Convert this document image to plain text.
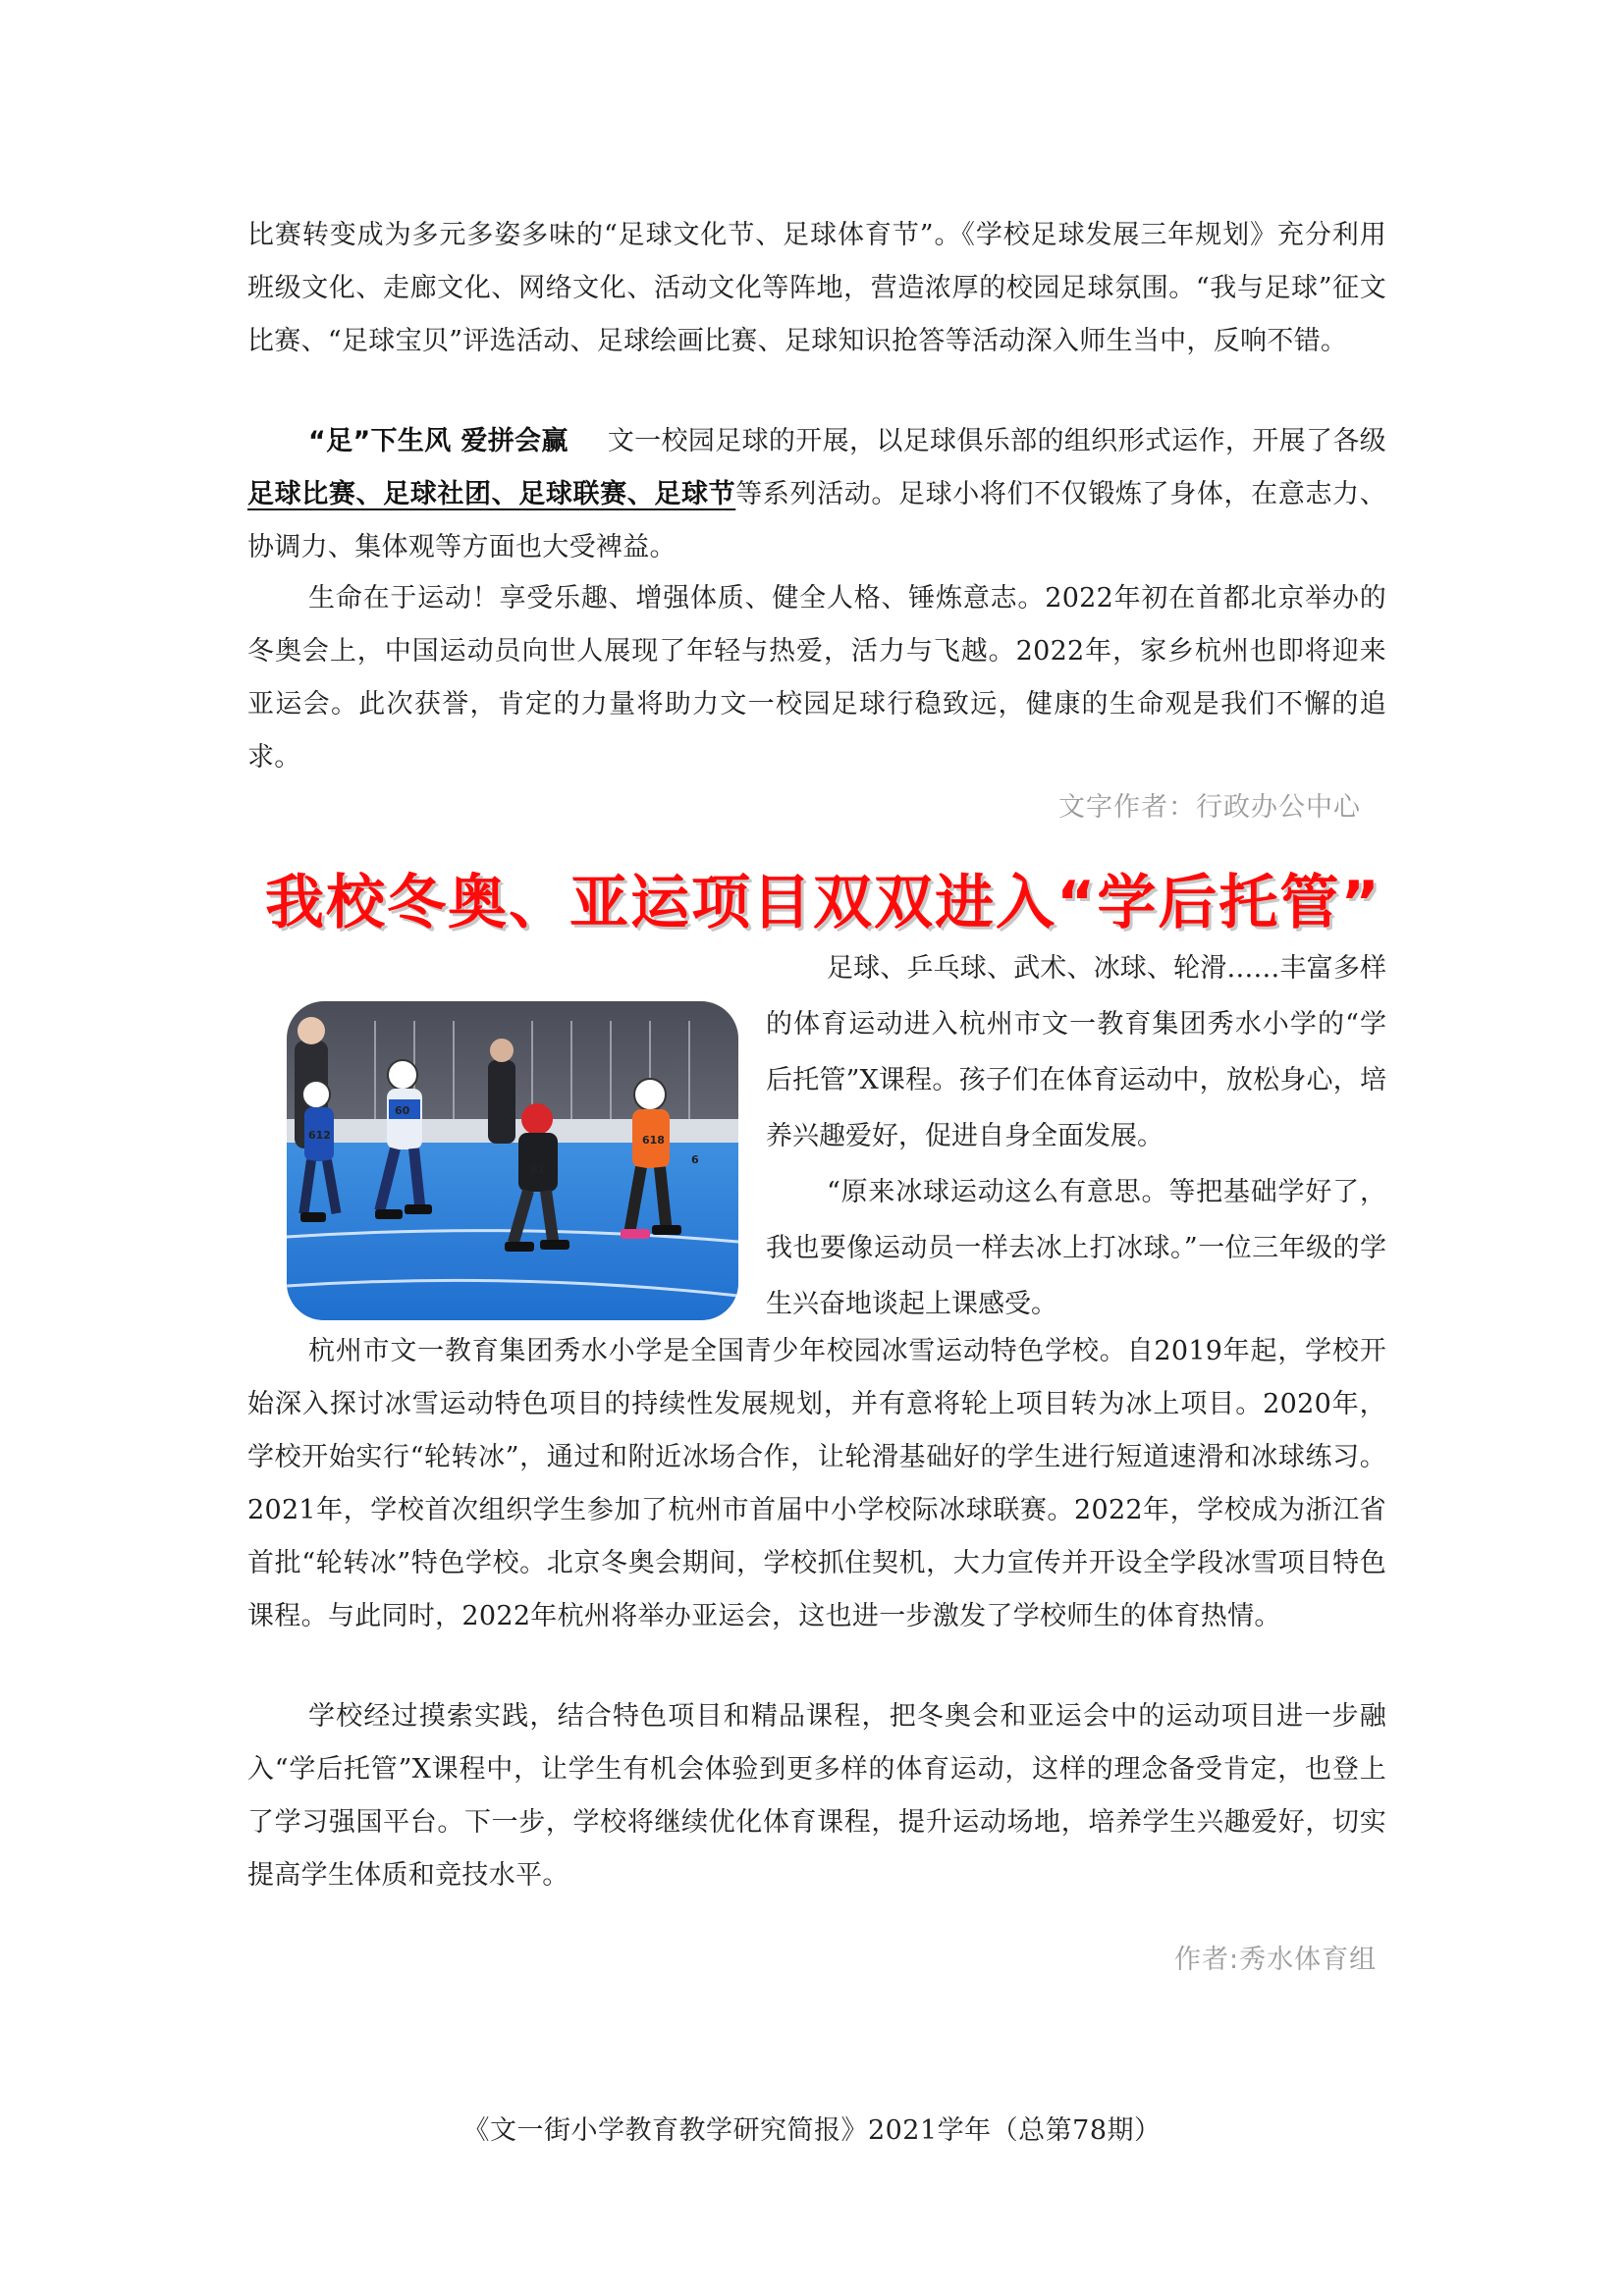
比赛转变成为多元多姿多味的“足球文化节、足球体育节”。《学校足球发展三年规划》充分利用班级文化、走廊文化、网络文化、活动文化等阵地，营造浓厚的校园足球氛围。“我与足球”征文比赛、“足球宝贝”评选活动、足球绘画比赛、足球知识抢答等活动深入师生当中，反响不错。

“足”下生风 爱拼会赢 文一校园足球的开展，以足球俱乐部的组织形式运作，开展了各级足球比赛、足球社团、足球联赛、足球节等系列活动。足球小将们不仅锻炼了身体，在意志力、协调力、集体观等方面也大受裨益。

生命在于运动！享受乐趣、增强体质、健全人格、锤炼意志。2022年初在首都北京举办的冬奥会上，中国运动员向世人展现了年轻与热爱，活力与飞越。2022年，家乡杭州也即将迎来亚运会。此次获誉，肯定的力量将助力文一校园足球行稳致远，健康的生命观是我们不懈的追求。

文字作者：行政办公中心
我校冬奥、亚运项目双双进入“学后托管”
612
60
61
618
6

足球、乒乓球、武术、冰球、轮滑……丰富多样的体育运动进入杭州市文一教育集团秀水小学的“学后托管”X课程。孩子们在体育运动中，放松身心，培养兴趣爱好，促进自身全面发展。

“原来冰球运动这么有意思。等把基础学好了，我也要像运动员一样去冰上打冰球。”一位三年级的学生兴奋地谈起上课感受。

杭州市文一教育集团秀水小学是全国青少年校园冰雪运动特色学校。自2019年起，学校开始深入探讨冰雪运动特色项目的持续性发展规划，并有意将轮上项目转为冰上项目。2020年，学校开始实行“轮转冰”，通过和附近冰场合作，让轮滑基础好的学生进行短道速滑和冰球练习。2021年，学校首次组织学生参加了杭州市首届中小学校际冰球联赛。2022年，学校成为浙江省首批“轮转冰”特色学校。北京冬奥会期间，学校抓住契机，大力宣传并开设全学段冰雪项目特色课程。与此同时，2022年杭州将举办亚运会，这也进一步激发了学校师生的体育热情。

学校经过摸索实践，结合特色项目和精品课程，把冬奥会和亚运会中的运动项目进一步融入“学后托管”X课程中，让学生有机会体验到更多样的体育运动，这样的理念备受肯定，也登上了学习强国平台。下一步，学校将继续优化体育课程，提升运动场地，培养学生兴趣爱好，切实提高学生体质和竞技水平。

作者:秀水体育组
《文一街小学教育教学研究简报》2021学年（总第78期）
